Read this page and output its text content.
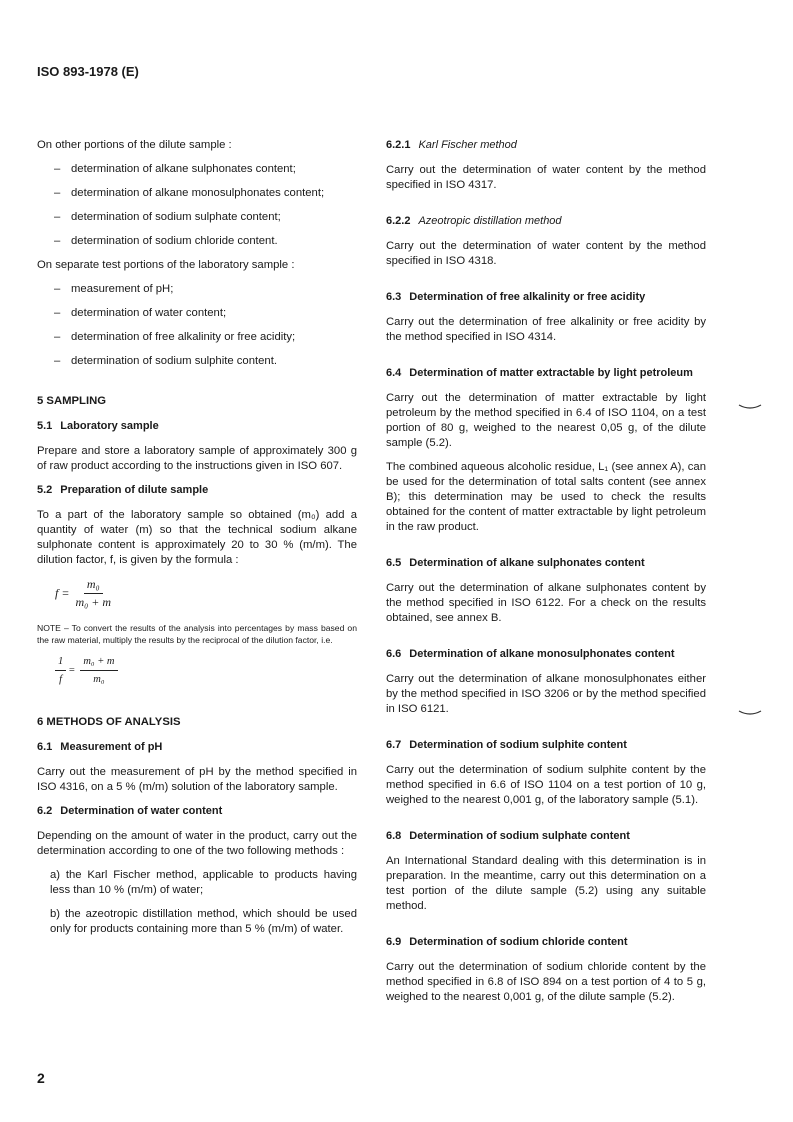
ISO 893-1978 (E)

On other portions of the dilute sample :

– determination of alkane sulphonates content;
– determination of alkane monosulphonates content;
– determination of sodium sulphate content;
– determination of sodium chloride content.

On separate test portions of the laboratory sample :

– measurement of pH;
– determination of water content;
– determination of free alkalinity or free acidity;
– determination of sodium sulphite content.
5 SAMPLING
5.1 Laboratory sample

Prepare and store a laboratory sample of approximately 300 g of raw product according to the instructions given in ISO 607.

5.2 Preparation of dilute sample

To a part of the laboratory sample so obtained (m₀) add a quantity of water (m) so that the technical sodium alkane sulphonate content is approximately 20 to 30 % (m/m). The dilution factor, f, is given by the formula :

$f = \frac{\text{m₀}}{\text{m₀ + m}}$

NOTE – To convert the results of the analysis into percentages by mass based on the raw material, multiply the results by the reciprocal of the dilution factor, i.e.

$\frac{1}{f} = \frac{\text{m₀ + m}}{\text{m₀}}$
6 METHODS OF ANALYSIS
6.1 Measurement of pH

Carry out the measurement of pH by the method specified in ISO 4316, on a 5 % (m/m) solution of the laboratory sample.

6.2 Determination of water content

Depending on the amount of water in the product, carry out the determination according to one of the two following methods :

a) the Karl Fischer method, applicable to products having less than 10 % (m/m) of water;

b) the azeotropic distillation method, which should be used only for products containing more than 5 % (m/m) of water.

6.2.1 Karl Fischer method

Carry out the determination of water content by the method specified in ISO 4317.

6.2.2 Azeotropic distillation method

Carry out the determination of water content by the method specified in ISO 4318.

6.3 Determination of free alkalinity or free acidity

Carry out the determination of free alkalinity or free acidity by the method specified in ISO 4314.

6.4 Determination of matter extractable by light petroleum

Carry out the determination of matter extractable by light petroleum by the method specified in 6.4 of ISO 1104, on a test portion of 80 g, weighed to the nearest 0,05 g, of the dilute sample (5.2).

The combined aqueous alcoholic residue, L₁ (see annex A), can be used for the determination of total salts content (see annex B); this determination may be used to check the results obtained for the content of matter extractable by light petroleum in the raw product.

6.5 Determination of alkane sulphonates content

Carry out the determination of alkane sulphonates content by the method specified in ISO 6122. For a check on the results obtained, see annex B.

6.6 Determination of alkane monosulphonates content

Carry out the determination of alkane monosulphonates either by the method specified in ISO 3206 or by the method specified in ISO 6121.

6.7 Determination of sodium sulphite content

Carry out the determination of sodium sulphite content by the method specified in 6.6 of ISO 1104 on a test portion of 10 g, weighed to the nearest 0,001 g, of the laboratory sample (5.1).

6.8 Determination of sodium sulphate content

An International Standard dealing with this determination is in preparation. In the meantime, carry out this determination on a test portion of the dilute sample (5.2) using any suitable method.

6.9 Determination of sodium chloride content

Carry out the determination of sodium chloride content by the method specified in 6.8 of ISO 894 on a test portion of 4 to 5 g, weighed to the nearest 0,001 g, of the dilute sample (5.2).

2
